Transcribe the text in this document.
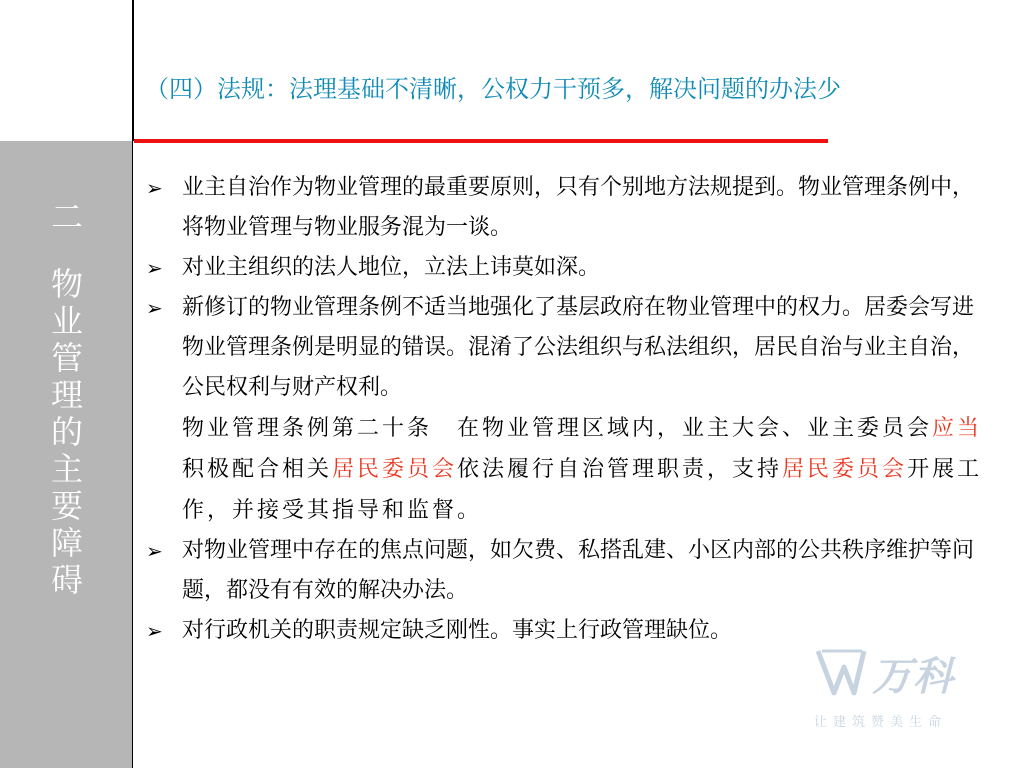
二
物
业
管
理
的
主
要
障
碍
（四）法规：法理基础不清晰，公权力干预多，解决问题的办法少
➢ 业主自治作为物业管理的最重要原则，只有个别地方法规提到。物业管理条例中，将物业管理与物业服务混为一谈。
➢ 对业主组织的法人地位，立法上讳莫如深。
➢ 新修订的物业管理条例不适当地强化了基层政府在物业管理中的权力。居委会写进物业管理条例是明显的错误。混淆了公法组织与私法组织，居民自治与业主自治，公民权利与财产权利。
物业管理条例第二十条　在物业管理区域内，业主大会、业主委员会应当积极配合相关居民委员会依法履行自治管理职责，支持居民委员会开展工作，并接受其指导和监督。
➢ 对物业管理中存在的焦点问题，如欠费、私搭乱建、小区内部的公共秩序维护等问题，都没有有效的解决办法。
➢ 对行政机关的职责规定缺乏刚性。事实上行政管理缺位。
万科
让建筑赞美生命
